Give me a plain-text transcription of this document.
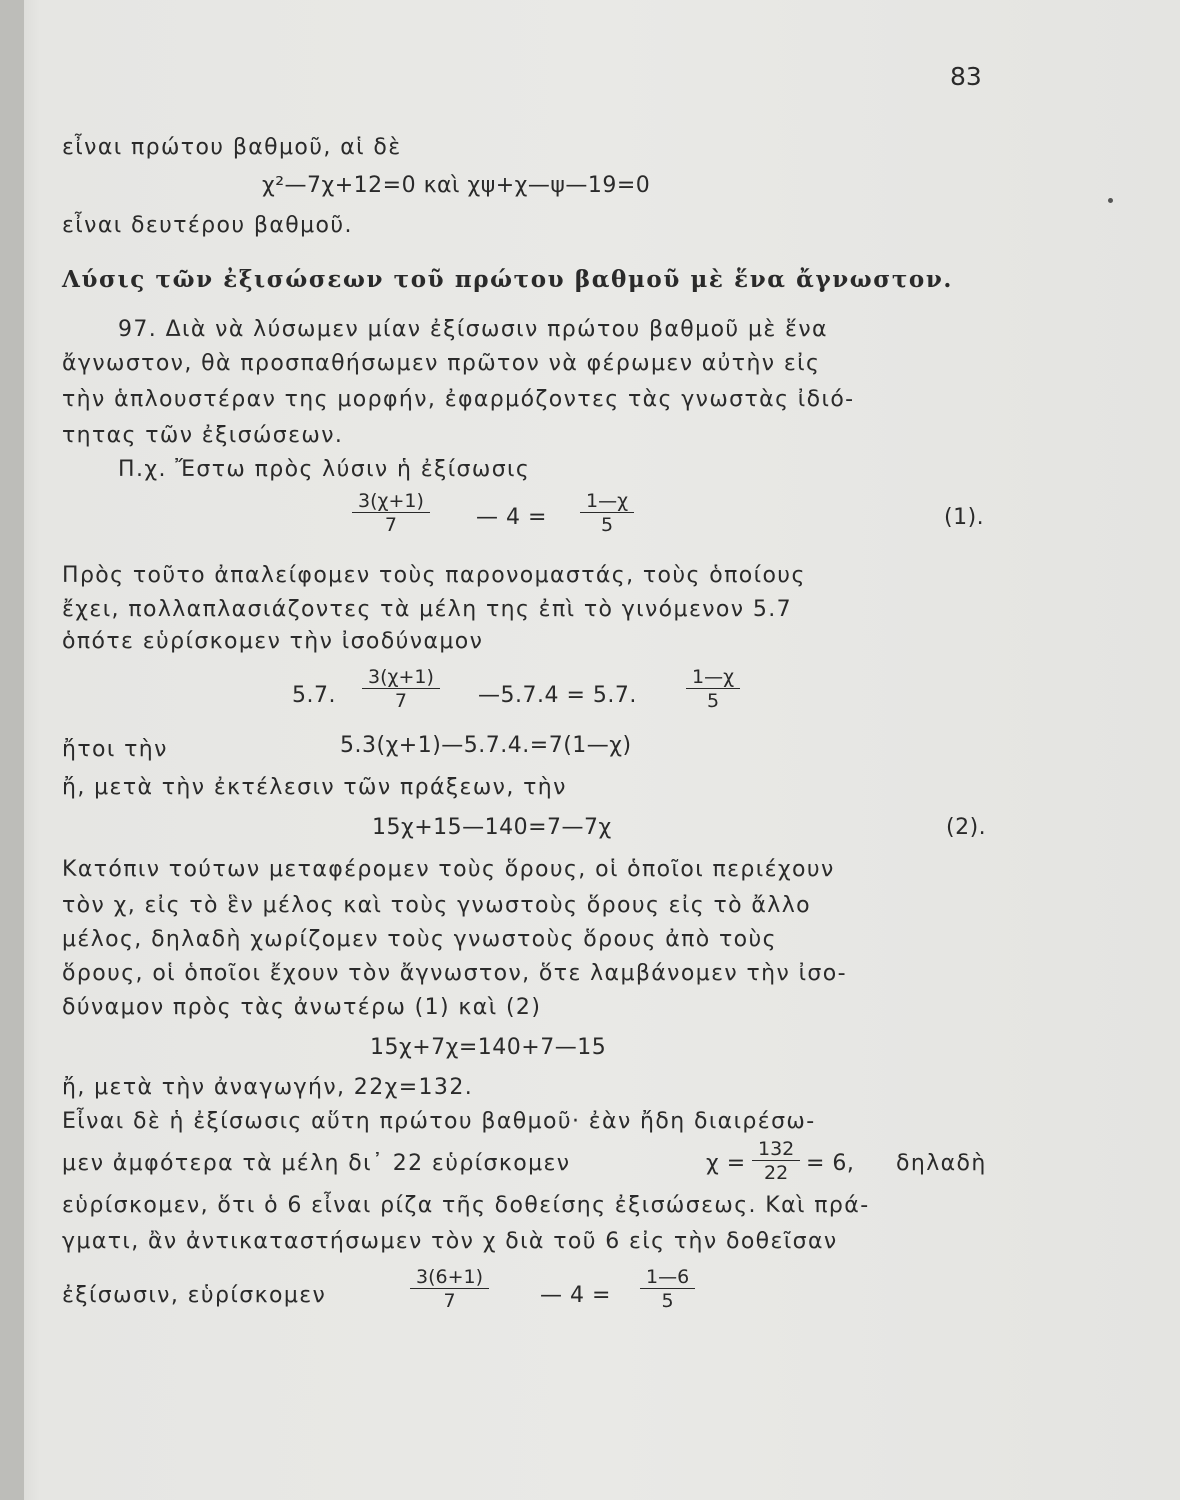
83
εἶναι πρώτου βαθμοῦ, αἱ δὲ
χ²—7χ+12=0 καὶ χψ+χ—ψ—19=0
εἶναι δευτέρου βαθμοῦ.
Λύσις τῶν ἐξισώσεων τοῦ πρώτου βαθμοῦ μὲ ἕνα ἄγνωστον.
97. Διὰ νὰ λύσωμεν μίαν ἐξίσωσιν πρώτου βαθμοῦ μὲ ἕνα
ἄγνωστον, θὰ προσπαθήσωμεν πρῶτον νὰ φέρωμεν αὐτὴν εἰς
τὴν ἁπλουστέραν της μορφήν, ἐφαρμόζοντες τὰς γνωστὰς ἰδιό-
τητας τῶν ἐξισώσεων.
Π.χ. Ἔστω πρὸς λύσιν ἡ ἐξίσωσις
$\frac{3(\chi+1)}{7}$ — $4 = \frac{1—\chi}{5}$	(1).
Πρὸς τοῦτο ἀπαλείφομεν τοὺς παρονομαστάς, τοὺς ὁποίους
ἔχει, πολλαπλασιάζοντες τὰ μέλη της ἐπὶ τὸ γινόμενον 5.7
ὁπότε εὑρίσκομεν τὴν ἰσοδύναμον
5.7. $\frac{3(\chi+1)}{7}$ —5.7.4 = 5.7.	$\frac{1—\chi}{5}$
ἤτοι τὴν	5.3(χ+1)—5.7.4.=7(1—χ)
ἤ, μετὰ τὴν ἐκτέλεσιν τῶν πράξεων, τὴν
15χ+15—140=7—7χ	(2).
Κατόπιν τούτων μεταφέρομεν τοὺς ὅρους, οἱ ὁποῖοι περιέχουν
τὸν χ, εἰς τὸ ἓν μέλος καὶ τοὺς γνωστοὺς ὅρους εἰς τὸ ἄλλο
μέλος, δηλαδὴ χωρίζομεν τοὺς γνωστοὺς ὅρους ἀπὸ τοὺς
ὅρους, οἱ ὁποῖοι ἔχουν τὸν ἄγνωστον, ὅτε λαμβάνομεν τὴν ἰσο-
δύναμον πρὸς τὰς ἀνωτέρω (1) καὶ (2)
15χ+7χ=140+7—15
ἤ, μετὰ τὴν ἀναγωγήν, 22χ=132.
Εἶναι δὲ ἡ ἐξίσωσις αὕτη πρώτου βαθμοῦ· ἐὰν ἤδη διαιρέσω-
μεν ἀμφότερα τὰ μέλη δι᾽ 22 εὑρίσκομεν	$\chi = \frac{132}{22} = 6$, δηλαδὴ
εὑρίσκομεν, ὅτι ὁ 6 εἶναι ρίζα τῆς δοθείσης ἐξισώσεως. Καὶ πρά-
γματι, ἂν ἀντικαταστήσωμεν τὸν χ διὰ τοῦ 6 εἰς τὴν δοθεῖσαν
ἐξίσωσιν, εὑρίσκομεν	$\frac{3(6+1)}{7}$ — $4 = \frac{1—6}{5}$
